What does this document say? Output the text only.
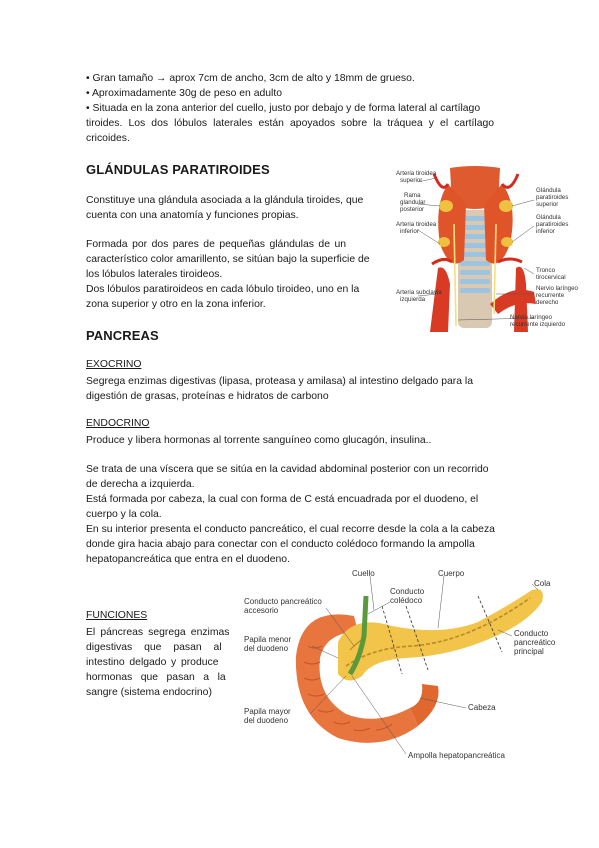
• Gran tamaño → aprox 7cm de ancho, 3cm de alto y 18mm de grueso.
• Aproximadamente 30g de peso en adulto
• Situada en la zona anterior del cuello, justo por debajo y de forma lateral al cartílago
tiroides. Los dos lóbulos laterales están apoyados sobre la tráquea y el cartílago
cricoides.
GLÁNDULAS PARATIROIDES
Constituye una glándula asociada a la glándula tiroides, que
cuenta con una anatomía y funciones propias.
Formada por dos pares de pequeñas glándulas de un
característico color amarillento, se sitúan bajo la superficie de
los lóbulos laterales tiroideos.
Dos lóbulos paratiroideos en cada lóbulo tiroideo, uno en la
zona superior y otro en la zona inferior.
Arteria tiroidea
superior
Rama
glandular
posterior
Arteria tiroidea
inferior
Arteria subclavia
izquierda
Glándula
paratiroides
superior
Glándula
paratiroides
inferior
Tronco
tirocervical
Nervio laríngeo
recurrente
derecho
Nervio laríngeo
recurrente izquierdo
PANCREAS
EXOCRINO
Segrega enzimas digestivas (lipasa, proteasa y amilasa) al intestino delgado para la
digestión de grasas, proteínas e hidratos de carbono
ENDOCRINO
Produce y libera hormonas al torrente sanguíneo como glucagón, insulina..
Se trata de una víscera que se sitúa en la cavidad abdominal posterior con un recorrido
de derecha a izquierda.
Está formada por cabeza, la cual con forma de C está encuadrada por el duodeno, el
cuerpo y la cola.
En su interior presenta el conducto pancreático, el cual recorre desde la cola a la cabeza
donde gira hacia abajo para conectar con el conducto colédoco formando la ampolla
hepatopancreática que entra en el duodeno.
FUNCIONES
El páncreas segrega enzimas
digestivas que pasan al
intestino delgado y produce
hormonas que pasan a la
sangre (sistema endocrino)
Cuello
Conducto
colédoco
Cuerpo
Cola
Conducto pancreático
accesorio
Papila menor
del duodeno
Papila mayor
del duodeno
Conducto
pancreático
principal
Cabeza
Ampolla hepatopancreática
